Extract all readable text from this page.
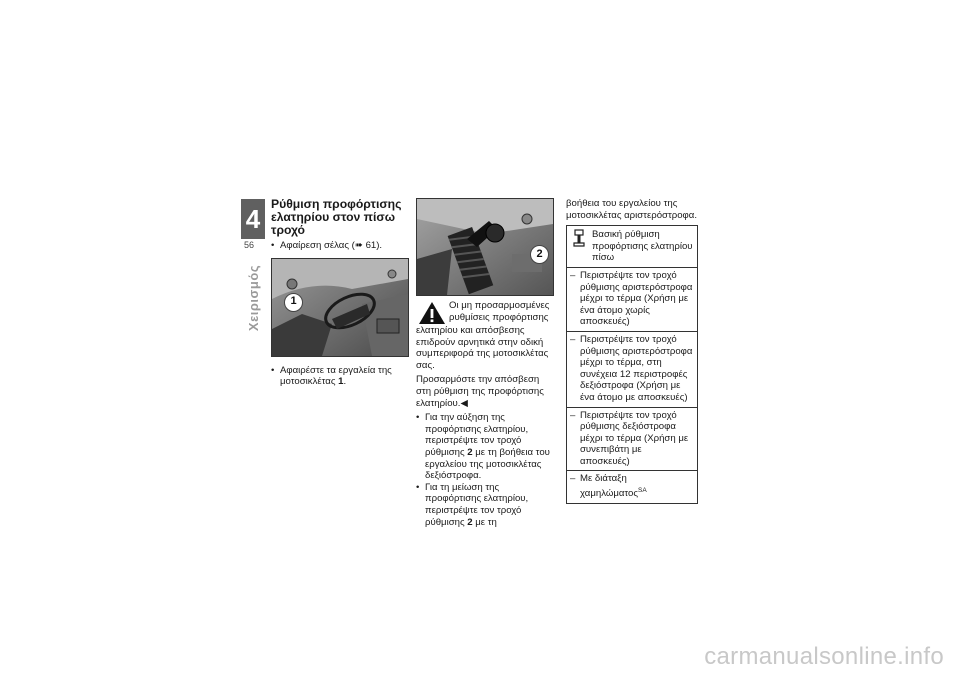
4
56
Χειρισμός
Ρύθμιση προφόρτισης ελατηρίου στον πίσω τροχό
• Αφαίρεση σέλας (➠ 61).
1
• Αφαιρέστε τα εργαλεία της μοτοσικλέτας 1.
2

Οι μη προσαρμοσμένες ρυθμίσεις προφόρτισης

ελατηρίου και απόσβεσης επιδρούν αρνητικά στην οδική συμπεριφορά της μοτοσικλέτας σας.

Προσαρμόστε την απόσβεση στη ρύθμιση της προφόρτισης ελατηρίου.◀

• Για την αύξηση της προφόρτισης ελατηρίου, περιστρέψτε τον τροχό ρύθμισης 2 με τη βοήθεια του εργαλείου της μοτοσικλέτας δεξιόστροφα.
• Για τη μείωση της προφόρτισης ελατηρίου, περιστρέψτε τον τροχό ρύθμισης 2 με τη

βοήθεια του εργαλείου της μοτοσικλέτας αριστερόστροφα.

Βασική ρύθμιση προφόρτισης ελατηρίου πίσω
– Περιστρέψτε τον τροχό ρύθμισης αριστερόστροφα μέχρι το τέρμα (Χρήση με ένα άτομο χωρίς αποσκευές)
– Περιστρέψτε τον τροχό ρύθμισης αριστερόστροφα μέχρι το τέρμα, στη συνέχεια 12 περιστροφές δεξιόστροφα (Χρήση με ένα άτομο με αποσκευές)
– Περιστρέψτε τον τροχό ρύθμισης δεξιόστροφα μέχρι το τέρμα (Χρήση με συνεπιβάτη με αποσκευές)
– Με διάταξη χαμηλώματος$^{SA}$
carmanualsonline.info
